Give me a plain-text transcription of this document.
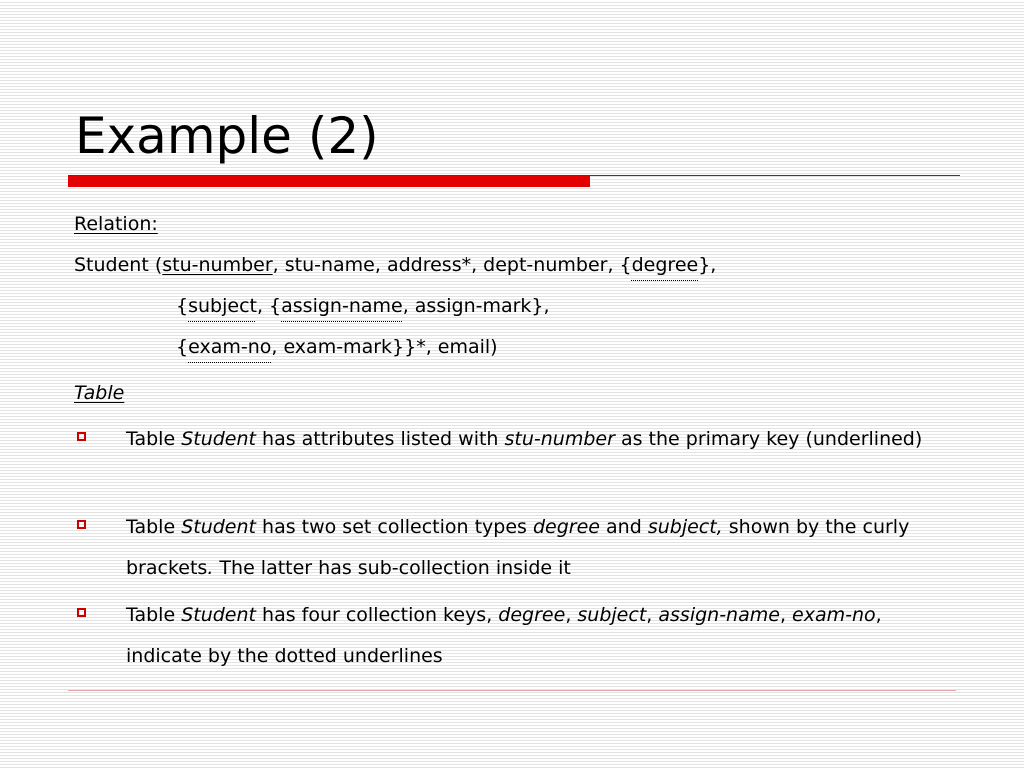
Example (2)
Relation:
Student (stu-number, stu-name, address*, dept-number, {degree},
{subject, {assign-name, assign-mark},
{exam-no, exam-mark}}*, email)
Table
Table Student has attributes listed with stu-number as the primary key (underlined)
Table Student has two set collection types degree and subject, shown by the curly brackets. The latter has sub-collection inside it
Table Student has four collection keys, degree, subject, assign-name, exam-no, indicate by the dotted underlines
